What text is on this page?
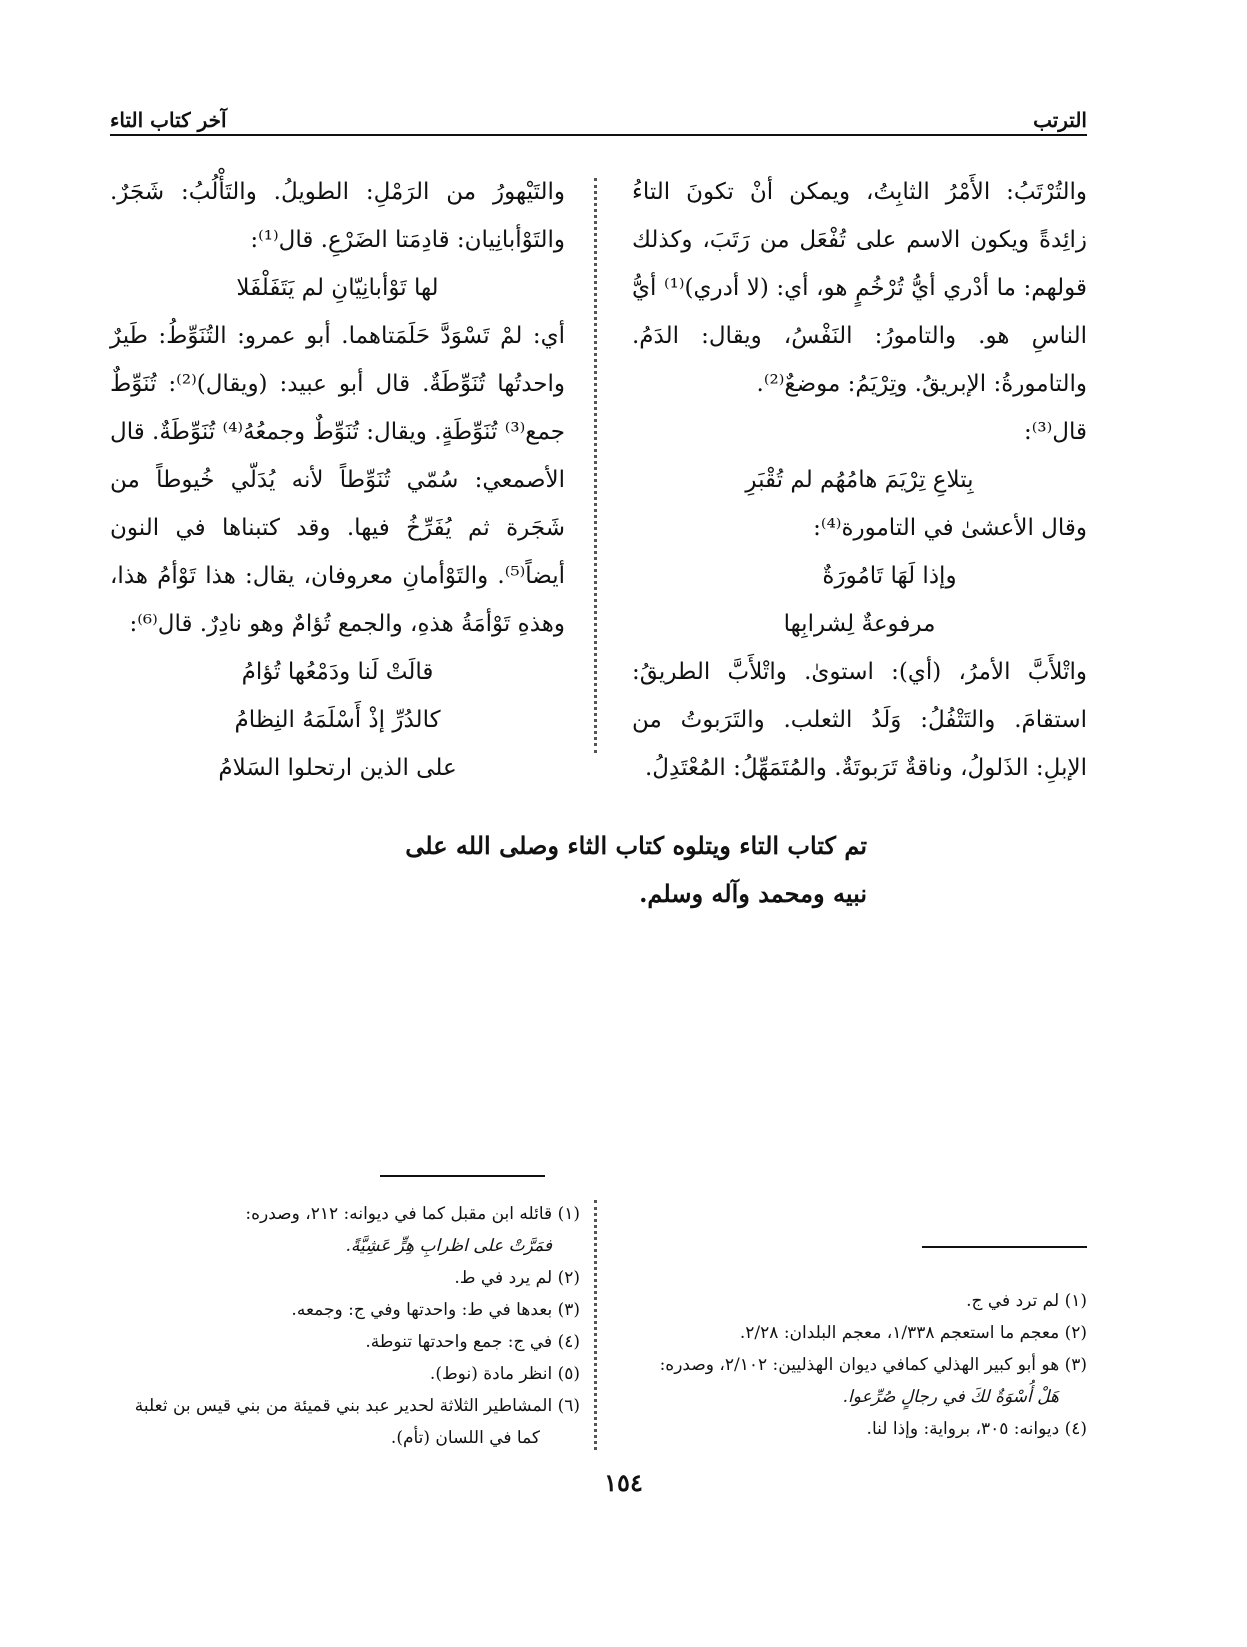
الترتب
آخر كتاب التاء

والتُرْتَبُ: الأَمْرُ الثابِتُ، ويمكن أنْ تكونَ التاءُ زائِدةً ويكون الاسم على تُفْعَل من رَتَبَ، وكذلك قولهم: ما أدْري أيُّ تُرْخُمٍ هو، أي: (لا أدري)⁽¹⁾ أيُّ الناسِ هو. والتامورُ: النَفْسُ، ويقال: الدَمُ. والتامورةُ: الإبريقُ. وتِرْيَمُ: موضعٌ⁽²⁾.

قال⁽³⁾:

بِتلاعِ تِرْيَمَ هامُهُم لم تُقْبَرِ

وقال الأعشىٰ في التامورة⁽⁴⁾:

وإذا لَهَا تَامُورَةٌ

مرفوعةٌ لِشرابِها

واتْلأَبَّ الأمرُ، (أي): استوىٰ. واتْلأَبَّ الطريقُ: استقامَ. والتَتْفُلُ: وَلَدُ الثعلب. والتَرَبوتُ من الإبلِ: الذَلولُ، وناقةٌ تَرَبوتَةٌ. والمُتَمَهِّلُ: المُعْتَدِلُ.

والتَيْهورُ من الرَمْلِ: الطويلُ. والتَأْلُبُ: شَجَرٌ. والتَوْأبانِيان: قادِمَتا الضَرْعِ. قال⁽¹⁾:

لها تَوْأبانِيّانِ لم يَتَفَلْفَلا

أي: لمْ تَسْوَدَّ حَلَمَتاهما. أبو عمرو: التُنَوِّطُ: طَيرٌ واحدتُها تُنَوِّطَةٌ. قال أبو عبيد: (ويقال)⁽²⁾: تُنَوِّطٌ جمع⁽³⁾ تُنَوِّطَةٍ. ويقال: تُنَوِّطٌ وجمعُهُ⁽⁴⁾ تُنَوِّطَةٌ. قال الأصمعي: سُمّي تُنَوِّطاً لأنه يُدَلّي خُيوطاً من شَجَرة ثم يُفَرِّخُ فيها. وقد كتبناها في النون أيضاً⁽⁵⁾. والتَوْأمانِ معروفان، يقال: هذا تَوْأمُ هذا، وهذهِ تَوْأمَةُ هذهِ، والجمع تُؤامٌ وهو نادِرٌ. قال⁽⁶⁾:

قالَتْ لَنا ودَمْعُها تُؤامُ

كالدُرِّ إذْ أَسْلَمَهُ النِظامُ

على الذين ارتحلوا السَلامُ

تم كتاب التاء ويتلوه كتاب الثاء وصلى الله على

نبيه ومحمد وآله وسلم.

(١) لم ترد في ج.

(٢) معجم ما استعجم ١/٣٣٨، معجم البلدان: ٢/٢٨.

(٣) هو أبو كبير الهذلي كمافي ديوان الهذليين: ٢/١٠٢، وصدره:

هَلْ أُسْوَةٌ لكَ في رجالٍ صُرِّعوا.

(٤) ديوانه: ٣٠٥، برواية: وإذا لنا.

(١) قائله ابن مقبل كما في ديوانه: ٢١٢، وصدره:

فمَرَّتْ على اظرابِ هِرٍّ عَشِيَّةً.

(٢) لم يرد في ط.

(٣) بعدها في ط: واحدتها وفي ج: وجمعه.

(٤) في ج: جمع واحدتها تنوطة.

(٥) انظر مادة (نوط).

(٦) المشاطير الثلاثة لحدير عبد بني قميئة من بني قيس بن ثعلبة

كما في اللسان (تأم).

١٥٤
